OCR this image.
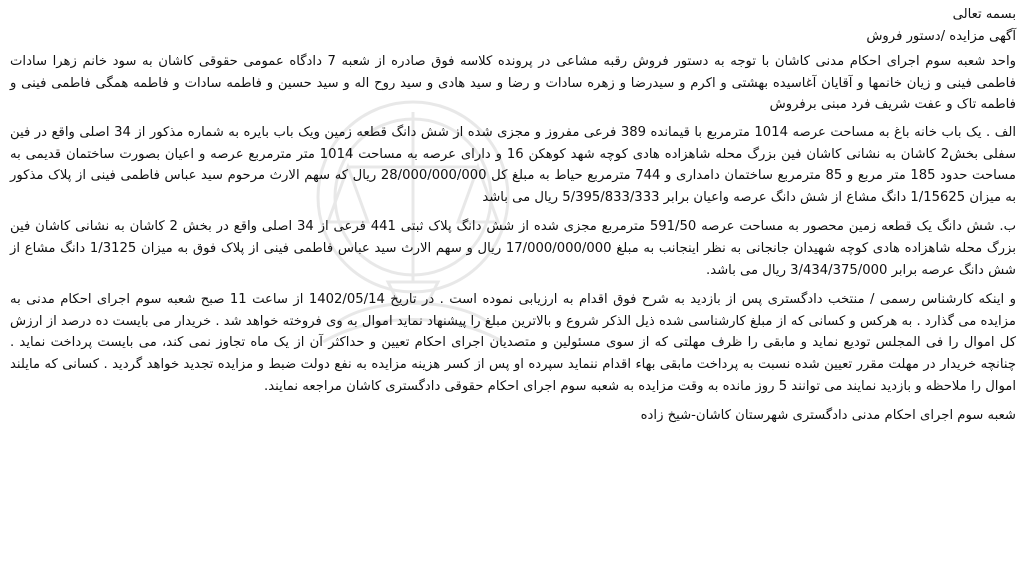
بسمه تعالی

آگهی مزایده /دستور فروش

واحد شعبه سوم اجرای احکام مدنی کاشان با توجه به دستور فروش رقبه مشاعی در پرونده کلاسه فوق صادره از شعبه 7 دادگاه عمومی حقوقی کاشان به سود خانم زهرا سادات فاطمی فینی و زیان خانمها و آقایان آغاسیده بهشتی و اکرم و سیدرضا و زهره سادات و رضا و سید هادی و سید روح اله و سید حسین و فاطمه سادات و فاطمه همگی فاطمی فینی و فاطمه تاک و عفت شریف فرد مبنی برفروش

الف . یک باب خانه باغ به مساحت عرصه 1014 مترمربع با قیمانده 389 فرعی مفروز و مجزی شده از شش دانگ قطعه زمین ویک باب بایره به شماره مذکور از 34 اصلی واقع در فین سفلی بخش2 کاشان به نشانی کاشان فین بزرگ محله شاهزاده هادی کوچه شهد کوهکن 16 و دارای عرصه به مساحت 1014 متر مترمربع عرصه و اعیان بصورت ساختمان قدیمی به مساحت حدود 185 متر مربع و 85 مترمربع ساختمان دامداری و 744 مترمربع حیاط به مبلغ کل 28/000/000/000 ریال که سهم الارث مرحوم سید عباس فاطمی فینی از پلاک مذکور به میزان 1/15625 دانگ مشاع از شش دانگ عرصه واعیان برابر 5/395/833/333 ریال می باشد

ب. شش دانگ یک قطعه زمین محصور به مساحت عرصه 591/50 مترمربع مجزی شده از شش دانگ پلاک ثبتی 441 فرعی از 34 اصلی واقع در بخش 2 کاشان به نشانی کاشان فین بزرگ محله شاهزاده هادی کوچه شهیدان جانجانی به نظر اینجانب به مبلغ 17/000/000/000 ریال و سهم الارث سید عباس فاطمی فینی از پلاک فوق به میزان 1/3125 دانگ مشاع از شش دانگ عرصه برابر 3/434/375/000 ریال می باشد.

و اینکه کارشناس رسمی / منتخب دادگستری پس از بازدید به شرح فوق اقدام به ارزیابی نموده است . در تاریخ 1402/05/14 از ساعت 11 صبح شعبه سوم اجرای احکام مدنی به مزایده می گذارد . به هرکس و کسانی که از مبلغ کارشناسی شده ذیل الذکر شروع و بالاترین مبلغ را پیشنهاد نماید اموال به وی فروخته خواهد شد . خریدار می بایست ده درصد از ارزش کل اموال را فی المجلس تودیع نماید و مابقی را ظرف مهلتی که از سوی مسئولین و متصدیان اجرای احکام تعیین و حداکثر آن از یک ماه تجاوز نمی کند، می بایست پرداخت نماید . چنانچه خریدار در مهلت مقرر تعیین شده نسبت به پرداخت مابقی بهاء اقدام ننماید سپرده او پس از کسر هزینه مزایده به نفع دولت ضبط و مزایده تجدید خواهد گردید . کسانی که مایلند اموال را ملاحظه و بازدید نمایند می توانند 5 روز مانده به وقت مزایده به شعبه سوم اجرای احکام حقوقی دادگستری کاشان مراجعه نمایند.

شعبه سوم اجرای احکام مدنی دادگستری شهرستان کاشان-شیخ زاده
